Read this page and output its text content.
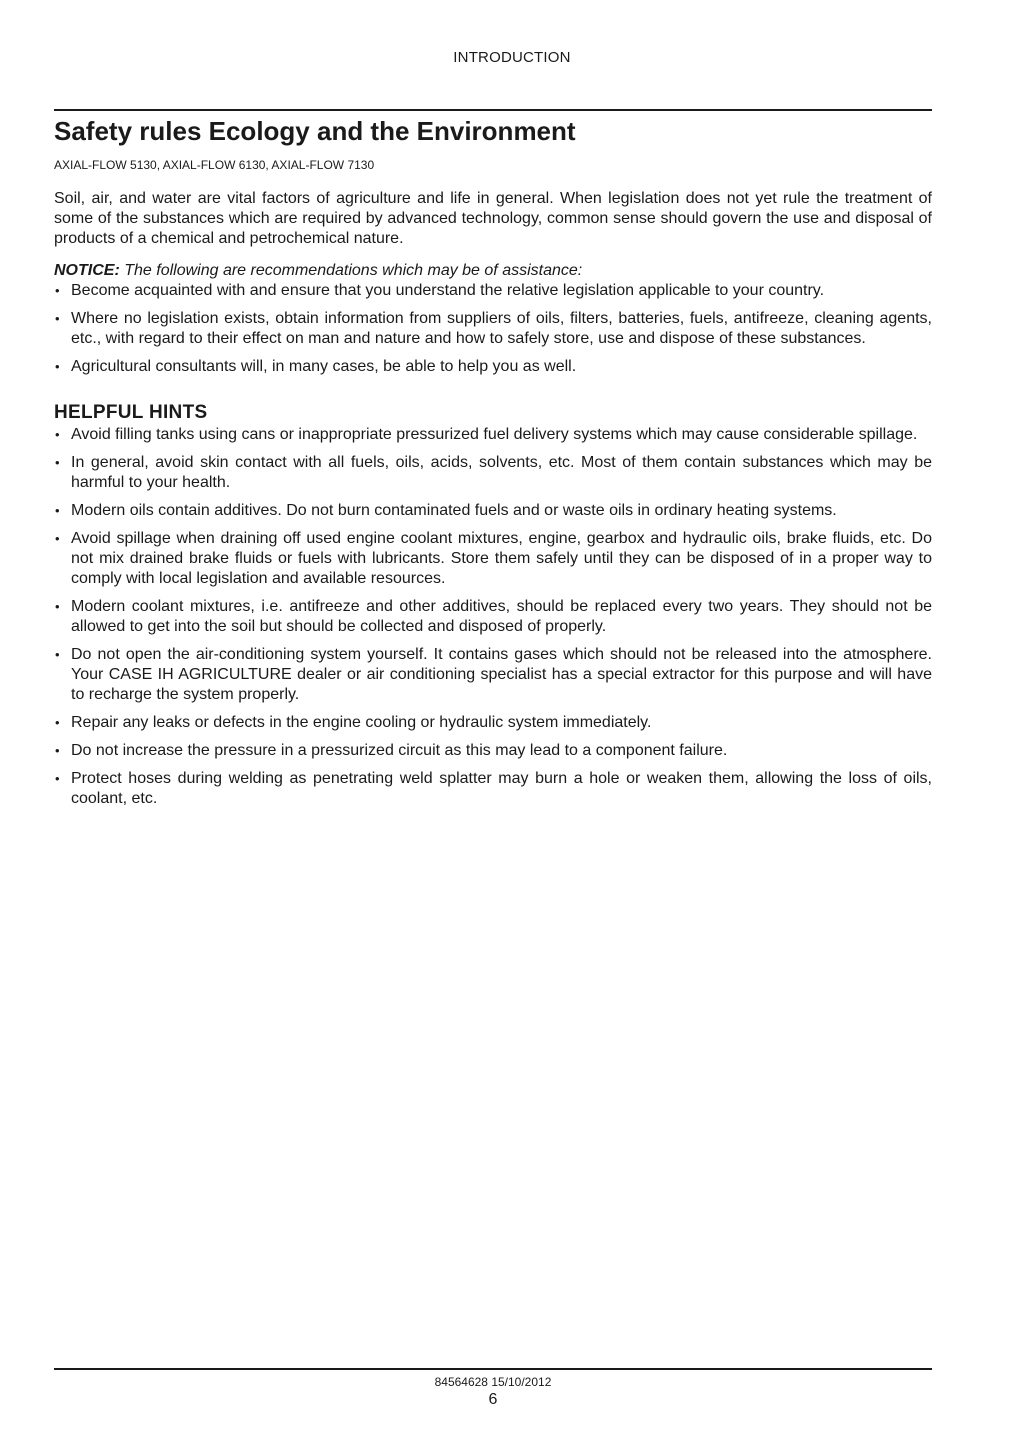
INTRODUCTION
Safety rules Ecology and the Environment
AXIAL-FLOW 5130, AXIAL-FLOW 6130, AXIAL-FLOW 7130
Soil, air, and water are vital factors of agriculture and life in general. When legislation does not yet rule the treatment of some of the substances which are required by advanced technology, common sense should govern the use and disposal of products of a chemical and petrochemical nature.
NOTICE: The following are recommendations which may be of assistance:
• Become acquainted with and ensure that you understand the relative legislation applicable to your country.
• Where no legislation exists, obtain information from suppliers of oils, filters, batteries, fuels, antifreeze, cleaning agents, etc., with regard to their effect on man and nature and how to safely store, use and dispose of these substances.
• Agricultural consultants will, in many cases, be able to help you as well.
HELPFUL HINTS
• Avoid filling tanks using cans or inappropriate pressurized fuel delivery systems which may cause considerable spillage.
• In general, avoid skin contact with all fuels, oils, acids, solvents, etc. Most of them contain substances which may be harmful to your health.
• Modern oils contain additives. Do not burn contaminated fuels and or waste oils in ordinary heating systems.
• Avoid spillage when draining off used engine coolant mixtures, engine, gearbox and hydraulic oils, brake fluids, etc. Do not mix drained brake fluids or fuels with lubricants. Store them safely until they can be disposed of in a proper way to comply with local legislation and available resources.
• Modern coolant mixtures, i.e. antifreeze and other additives, should be replaced every two years. They should not be allowed to get into the soil but should be collected and disposed of properly.
• Do not open the air-conditioning system yourself. It contains gases which should not be released into the atmosphere. Your CASE IH AGRICULTURE dealer or air conditioning specialist has a special extractor for this purpose and will have to recharge the system properly.
• Repair any leaks or defects in the engine cooling or hydraulic system immediately.
• Do not increase the pressure in a pressurized circuit as this may lead to a component failure.
• Protect hoses during welding as penetrating weld splatter may burn a hole or weaken them, allowing the loss of oils, coolant, etc.
84564628 15/10/2012
6
